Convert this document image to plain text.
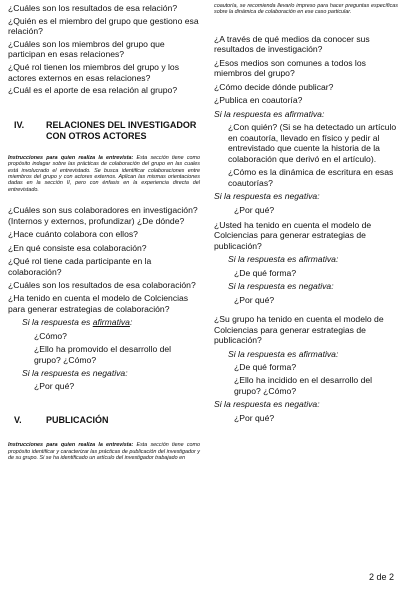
¿Cuáles son los resultados de esa relación?

¿Quién es el miembro del grupo que gestiono esa relación?

¿Cuáles son los miembros del grupo que participan en esas relaciones?

¿Qué rol tienen los miembros del grupo y los actores externos en esas relaciones?

¿Cuál es el aporte de esa relación al grupo?

IV.	RELACIONES DEL INVESTIGADOR CON OTROS ACTORES

Instrucciones para quien realiza la entrevista: Esta sección tiene como propósito indagar sobre las prácticas de colaboración del grupo en las cuales está involucrado el entrevistado. Se busca identificar colaboraciones entre miembros del grupo y con actores externos. Aplican las mismas orientaciones dadas en la sección II, pero con énfasis en la experiencia directa del entrevistado.

¿Cuáles son sus colaboradores en investigación? (Internos y externos, profundizar) ¿De dónde?

¿Hace cuánto colabora con ellos?

¿En qué consiste esa colaboración?

¿Qué rol tiene cada participante en la colaboración?

¿Cuáles son los resultados de esa colaboración?

¿Ha tenido en cuenta el modelo de Colciencias para generar estrategias de colaboración?

Si la respuesta es afirmativa:

¿Cómo?

¿Ello ha promovido el desarrollo del grupo? ¿Cómo?

Si la respuesta es negativa:

¿Por qué?

V.	PUBLICACIÓN

Instrucciones para quien realiza la entrevista: Esta sección tiene como propósito identificar y caracterizar las prácticas de publicación del investigador y de su grupo. Si se ha identificado un artículo del investigador trabajado en

coautoría, se recomienda llevarlo impreso para hacer preguntas específicas sobre la dinámica de colaboración en ese caso particular.

¿A través de qué medios da conocer sus resultados de investigación?

¿Esos medios son comunes a todos los miembros del grupo?

¿Cómo decide dónde publicar?

¿Publica en coautoría?

Si la respuesta es afirmativa:

¿Con quién? (Si se ha detectado un artículo en coautoría, llevado en físico y pedir al entrevistado que cuente la historia de la colaboración que derivó en el artículo).

¿Cómo es la dinámica de escritura en esas coautorías?

Si la respuesta es negativa:

¿Por qué?

¿Usted ha tenido en cuenta el modelo de Colciencias para generar estrategias de publicación?

Si la respuesta es afirmativa:

¿De qué forma?

Si la respuesta es negativa:

¿Por qué?

¿Su grupo ha tenido en cuenta el modelo de Colciencias para generar estrategias de publicación?

Si la respuesta es afirmativa:

¿De qué forma?

¿Ello ha incidido en el desarrollo del grupo? ¿Cómo?

Si la respuesta es negativa:

¿Por qué?

2 de 2
